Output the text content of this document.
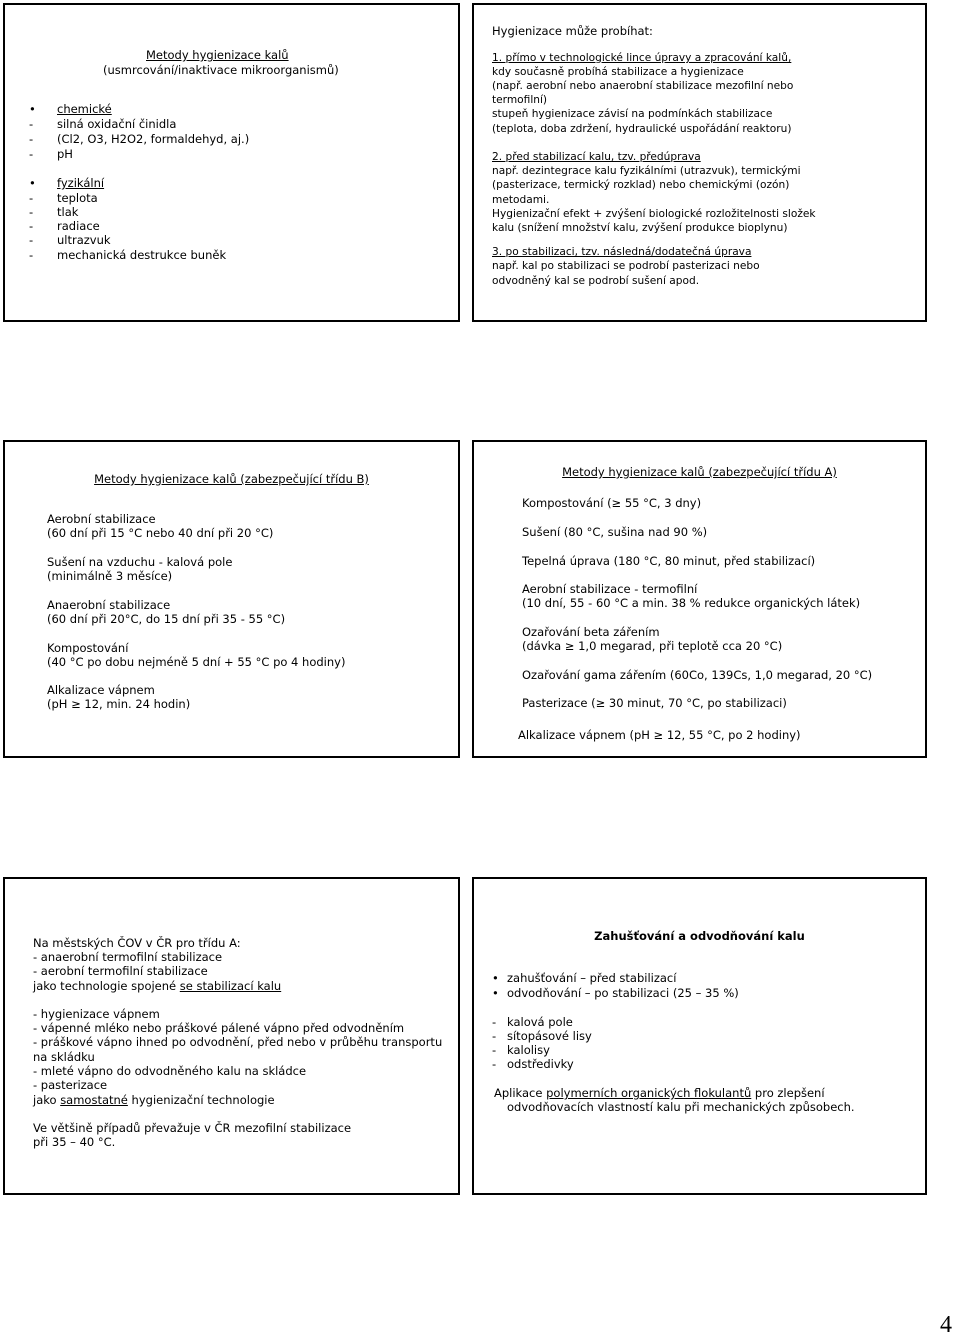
Metody hygienizace kalů
(usmrcování/inaktivace mikroorganismů)
• chemické
- silná oxidační činidla
- (Cl2, O3, H2O2, formaldehyd, aj.)
- pH
• fyzikální
- teplota
- tlak
- radiace
- ultrazvuk
- mechanická destrukce buněk
Hygienizace může probíhat:
1. přímo v technologické lince úpravy a zpracování kalů,
kdy současně probíhá stabilizace a hygienizace
(např. aerobní nebo anaerobní stabilizace mezofilní nebo
termofilní)
stupeň hygienizace závisí na podmínkách stabilizace
(teplota, doba zdržení, hydraulické uspořádání reaktoru)
2. před stabilizací kalu, tzv. předúprava
např. dezintegrace kalu fyzikálními (utrazvuk), termickými
(pasterizace, termický rozklad) nebo chemickými (ozón)
metodami.
Hygienizační efekt + zvýšení biologické rozložitelnosti složek
kalu (snížení množství kalu, zvýšení produkce bioplynu)
3. po stabilizaci, tzv. následná/dodatečná úprava
např. kal po stabilizaci se podrobí pasterizaci nebo
odvodněný kal se podrobí sušení apod.
Metody hygienizace kalů (zabezpečující třídu B)
Aerobní stabilizace
(60 dní při 15 °C nebo 40 dní při 20 °C)
Sušení na vzduchu - kalová pole
(minimálně 3 měsíce)
Anaerobní stabilizace
(60 dní při 20°C, do 15 dní při 35 - 55 °C)
Kompostování
(40 °C po dobu nejméně 5 dní + 55 °C po 4 hodiny)
Alkalizace vápnem
(pH ≥ 12, min. 24 hodin)
Metody hygienizace kalů (zabezpečující třídu A)
Kompostování (≥ 55 °C, 3 dny)
Sušení (80 °C, sušina nad 90 %)
Tepelná úprava (180 °C, 80 minut, před stabilizací)
Aerobní stabilizace - termofilní
(10 dní, 55 - 60 °C a min. 38 % redukce organických látek)
Ozařování beta zářením
(dávka ≥ 1,0 megarad, při teplotě cca 20 °C)
Ozařování gama zářením (60Co, 139Cs, 1,0 megarad, 20 °C)
Pasterizace (≥ 30 minut, 70 °C, po stabilizaci)
Alkalizace vápnem (pH ≥ 12, 55 °C, po 2 hodiny)
Na městských ČOV v ČR pro třídu A:
- anaerobní termofilní stabilizace
- aerobní termofilní stabilizace
jako technologie spojené se stabilizací kalu
- hygienizace vápnem
- vápenné mléko nebo práškové pálené vápno před odvodněním
- práškové vápno ihned po odvodnění, před nebo v průběhu transportu
na skládku
- mleté vápno do odvodněného kalu na skládce
- pasterizace
jako samostatné hygienizační technologie
Ve většině případů převažuje v ČR mezofilní stabilizace
při 35 – 40 °C.
Zahušťování a odvodňování kalu
• zahušťování – před stabilizací
• odvodňování – po stabilizaci (25 – 35 %)
- kalová pole
- sítopásové lisy
- kalolisy
- odstředivky
Aplikace polymerních organických flokulantů pro zlepšení
odvodňovacích vlastností kalu při mechanických způsobech.
4
